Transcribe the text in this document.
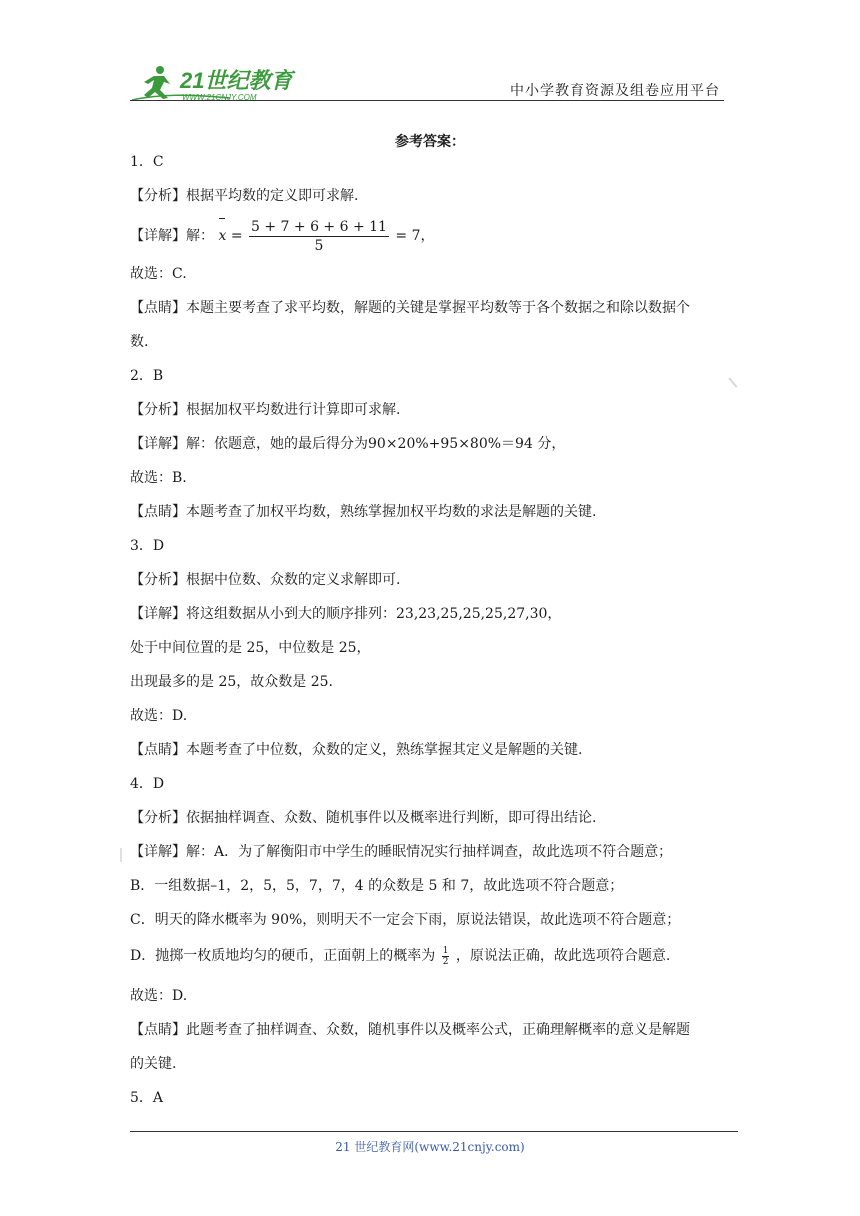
21世纪教育
WWW.21CNJY.COM	中小学教育资源及组卷应用平台
参考答案：
1．C
【分析】根据平均数的定义即可求解.
【详解】解： $x = \frac{5 + 7 + 6 + 6 + 11}{5} = 7$，
故选：C.
【点睛】本题主要考查了求平均数，解题的关键是掌握平均数等于各个数据之和除以数据个
数.
2．B
【分析】根据加权平均数进行计算即可求解.
【详解】解：依题意，她的最后得分为90×20%+95×80%＝94 分，
故选：B.
【点睛】本题考查了加权平均数，熟练掌握加权平均数的求法是解题的关键.
3．D
【分析】根据中位数、众数的定义求解即可.
【详解】将这组数据从小到大的顺序排列：23,23,25,25,25,27,30，
处于中间位置的是 25，中位数是 25，
出现最多的是 25，故众数是 25.
故选：D.
【点睛】本题考查了中位数，众数的定义，熟练掌握其定义是解题的关键.
4．D
【分析】依据抽样调查、众数、随机事件以及概率进行判断，即可得出结论.
【详解】解：A．为了解衡阳市中学生的睡眠情况实行抽样调查，故此选项不符合题意；
B．一组数据–1，2，5，5，7，7，4 的众数是 5 和 7，故此选项不符合题意；
C．明天的降水概率为 90%，则明天不一定会下雨，原说法错误，故此选项不符合题意；
D．抛掷一枚质地均匀的硬币，正面朝上的概率为 $\frac{1}{2}$ ，原说法正确，故此选项符合题意.
故选：D.
【点睛】此题考查了抽样调查、众数，随机事件以及概率公式，正确理解概率的意义是解题
的关键.
5．A
21 世纪教育网(www.21cnjy.com)
